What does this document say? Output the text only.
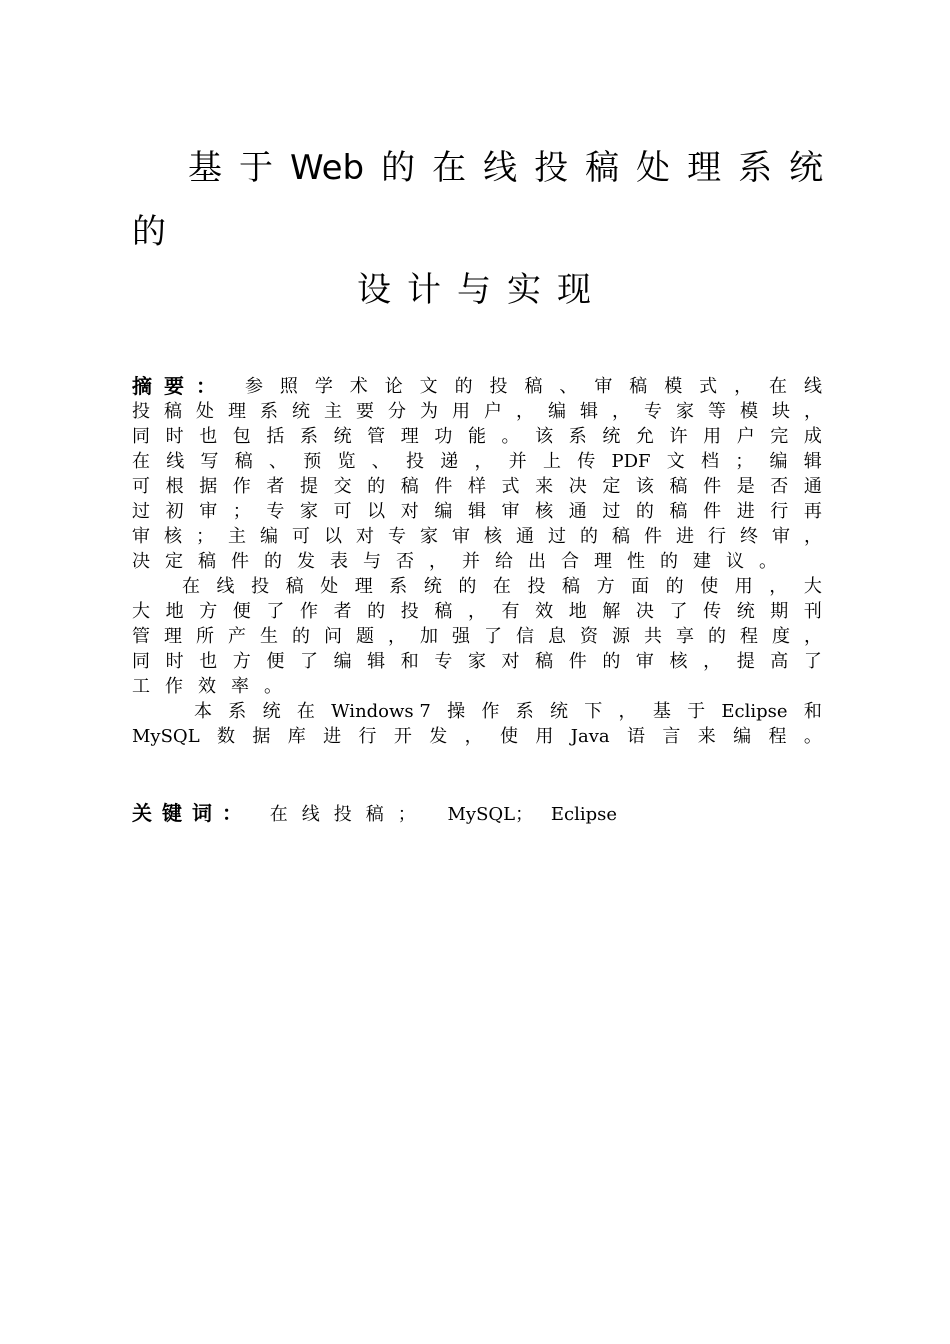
基 于 Web 的 在 线 投 稿 处 理 系 统
的
设 计 与 实 现
摘要： 参 照 学 术 论 文 的 投 稿 、 审 稿 模 式 ， 在 线
投 稿 处 理 系 统 主 要 分 为 用 户 ， 编 辑 ， 专 家 等 模 块 ，
同 时 也 包 括 系 统 管 理 功 能 。 该 系 统 允 许 用 户 完 成
在 线 写 稿 、 预 览 、 投 递 ， 并 上 传 PDF 文 档 ； 编 辑
可 根 据 作 者 提 交 的 稿 件 样 式 来 决 定 该 稿 件 是 否 通
过 初 审 ； 专 家 可 以 对 编 辑 审 核 通 过 的 稿 件 进 行 再
审 核 ； 主 编 可 以 对 专 家 审 核 通 过 的 稿 件 进 行 终 审 ，
决 定 稿 件 的 发 表 与 否 ， 并 给 出 合 理 性 的 建 议 。
在 线 投 稿 处 理 系 统 的 在 投 稿 方 面 的 使 用 ， 大
大 地 方 便 了 作 者 的 投 稿 ， 有 效 地 解 决 了 传 统 期 刊
管 理 所 产 生 的 问 题 ， 加 强 了 信 息 资 源 共 享 的 程 度 ，
同 时 也 方 便 了 编 辑 和 专 家 对 稿 件 的 审 核 ， 提 高 了
工 作 效 率 。
本 系 统 在 Windows 7 操 作 系 统 下 ， 基 于 Eclipse 和
MySQL 数 据 库 进 行 开 发 ， 使 用 Java 语 言 来 编 程 。
关键词： 在线投稿； MySQL； Eclipse
